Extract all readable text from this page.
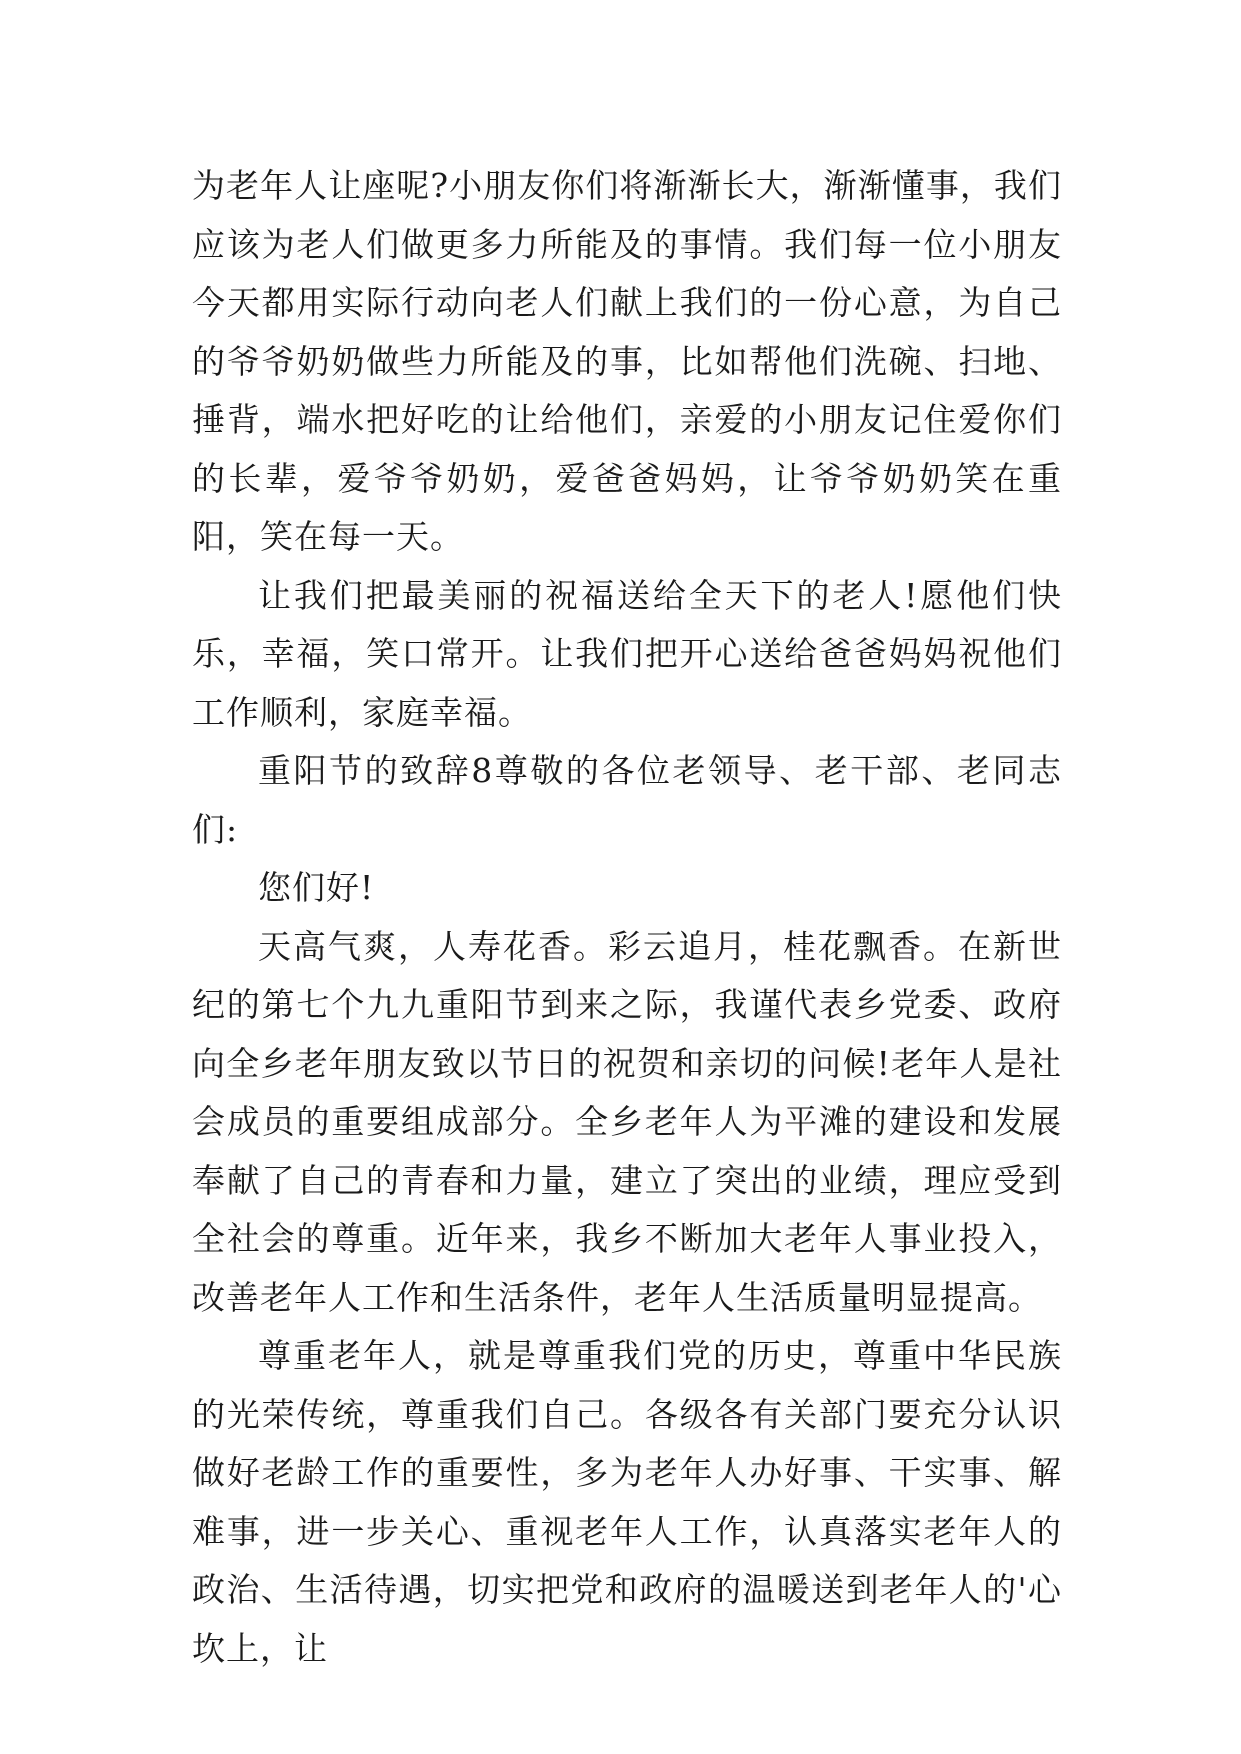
为老年人让座呢?小朋友你们将渐渐长大，渐渐懂事，我们应该为老人们做更多力所能及的事情。我们每一位小朋友今天都用实际行动向老人们献上我们的一份心意，为自己的爷爷奶奶做些力所能及的事，比如帮他们洗碗、扫地、捶背，端水把好吃的让给他们，亲爱的小朋友记住爱你们的长辈，爱爷爷奶奶，爱爸爸妈妈，让爷爷奶奶笑在重阳，笑在每一天。

让我们把最美丽的祝福送给全天下的老人!愿他们快乐，幸福，笑口常开。让我们把开心送给爸爸妈妈祝他们工作顺利，家庭幸福。

重阳节的致辞8尊敬的各位老领导、老干部、老同志们:

您们好!

天高气爽，人寿花香。彩云追月，桂花飘香。在新世纪的第七个九九重阳节到来之际，我谨代表乡党委、政府向全乡老年朋友致以节日的祝贺和亲切的问候!老年人是社会成员的重要组成部分。全乡老年人为平滩的建设和发展奉献了自己的青春和力量，建立了突出的业绩，理应受到全社会的尊重。近年来，我乡不断加大老年人事业投入，改善老年人工作和生活条件，老年人生活质量明显提高。

尊重老年人，就是尊重我们党的历史，尊重中华民族的光荣传统，尊重我们自己。各级各有关部门要充分认识做好老龄工作的重要性，多为老年人办好事、干实事、解难事，进一步关心、重视老年人工作，认真落实老年人的政治、生活待遇，切实把党和政府的温暖送到老年人的'心坎上，让
